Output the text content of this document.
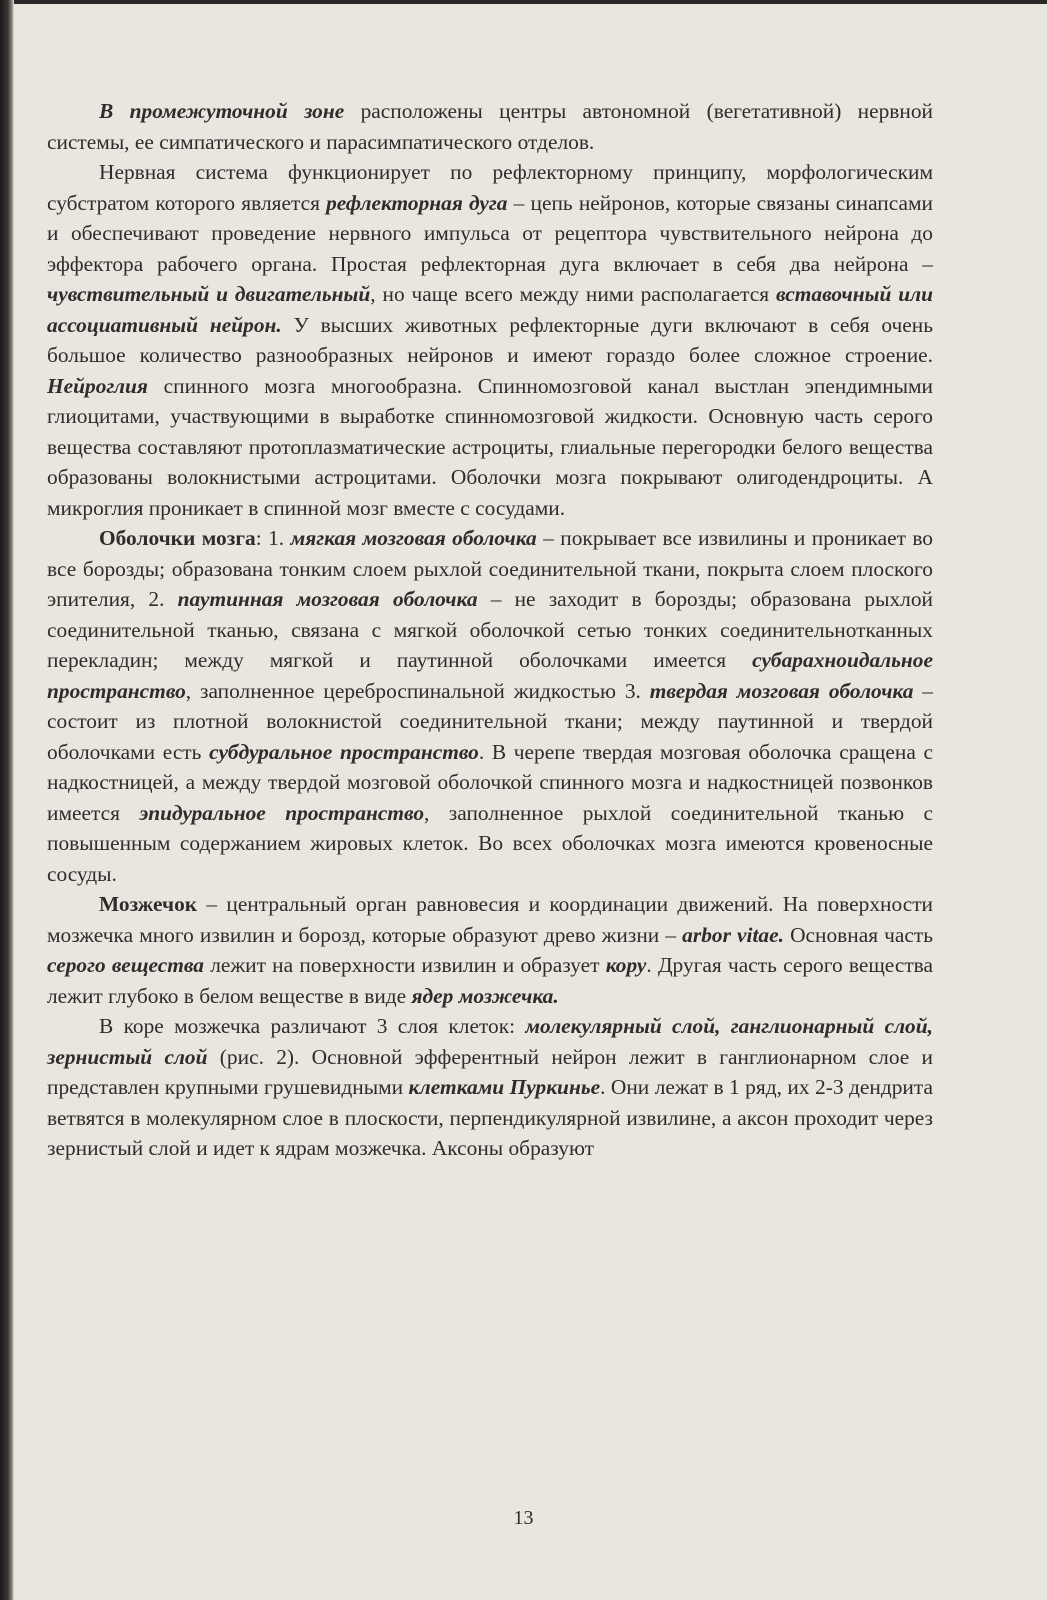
В промежуточной зоне расположены центры автономной (вегетативной) нервной системы, ее симпатического и парасимпатического отделов.

Нервная система функционирует по рефлекторному принципу, морфологическим субстратом которого является рефлекторная дуга – цепь нейронов, которые связаны синапсами и обеспечивают проведение нервного импульса от рецептора чувствительного нейрона до эффектора рабочего органа. Простая рефлекторная дуга включает в себя два нейрона – чувствительный и двигательный, но чаще всего между ними располагается вставочный или ассоциативный нейрон. У высших животных рефлекторные дуги включают в себя очень большое количество разнообразных нейронов и имеют гораздо более сложное строение. Нейроглия спинного мозга многообразна. Спинномозговой канал выстлан эпендимными глиоцитами, участвующими в выработке спинномозговой жидкости. Основную часть серого вещества составляют протоплазматические астроциты, глиальные перегородки белого вещества образованы волокнистыми астроцитами. Оболочки мозга покрывают олигодендроциты. А микроглия проникает в спинной мозг вместе с сосудами.

Оболочки мозга: 1. мягкая мозговая оболочка – покрывает все извилины и проникает во все борозды; образована тонким слоем рыхлой соединительной ткани, покрыта слоем плоского эпителия, 2. паутинная мозговая оболочка – не заходит в борозды; образована рыхлой соединительной тканью, связана с мягкой оболочкой сетью тонких соединительнотканных перекладин; между мягкой и паутинной оболочками имеется субарахноидальное пространство, заполненное цереброспинальной жидкостью 3. твердая мозговая оболочка – состоит из плотной волокнистой соединительной ткани; между паутинной и твердой оболочками есть субдуральное пространство. В черепе твердая мозговая оболочка сращена с надкостницей, а между твердой мозговой оболочкой спинного мозга и надкостницей позвонков имеется эпидуральное пространство, заполненное рыхлой соединительной тканью с повышенным содержанием жировых клеток. Во всех оболочках мозга имеются кровеносные сосуды.

Мозжечок – центральный орган равновесия и координации движений. На поверхности мозжечка много извилин и борозд, которые образуют древо жизни – arbor vitae. Основная часть серого вещества лежит на поверхности извилин и образует кору. Другая часть серого вещества лежит глубоко в белом веществе в виде ядер мозжечка.

В коре мозжечка различают 3 слоя клеток: молекулярный слой, ганглионарный слой, зернистый слой (рис. 2). Основной эфферентный нейрон лежит в ганглионарном слое и представлен крупными грушевидными клетками Пуркинье. Они лежат в 1 ряд, их 2-3 дендрита ветвятся в молекулярном слое в плоскости, перпендикулярной извилине, а аксон проходит через зернистый слой и идет к ядрам мозжечка. Аксоны образуют

13
